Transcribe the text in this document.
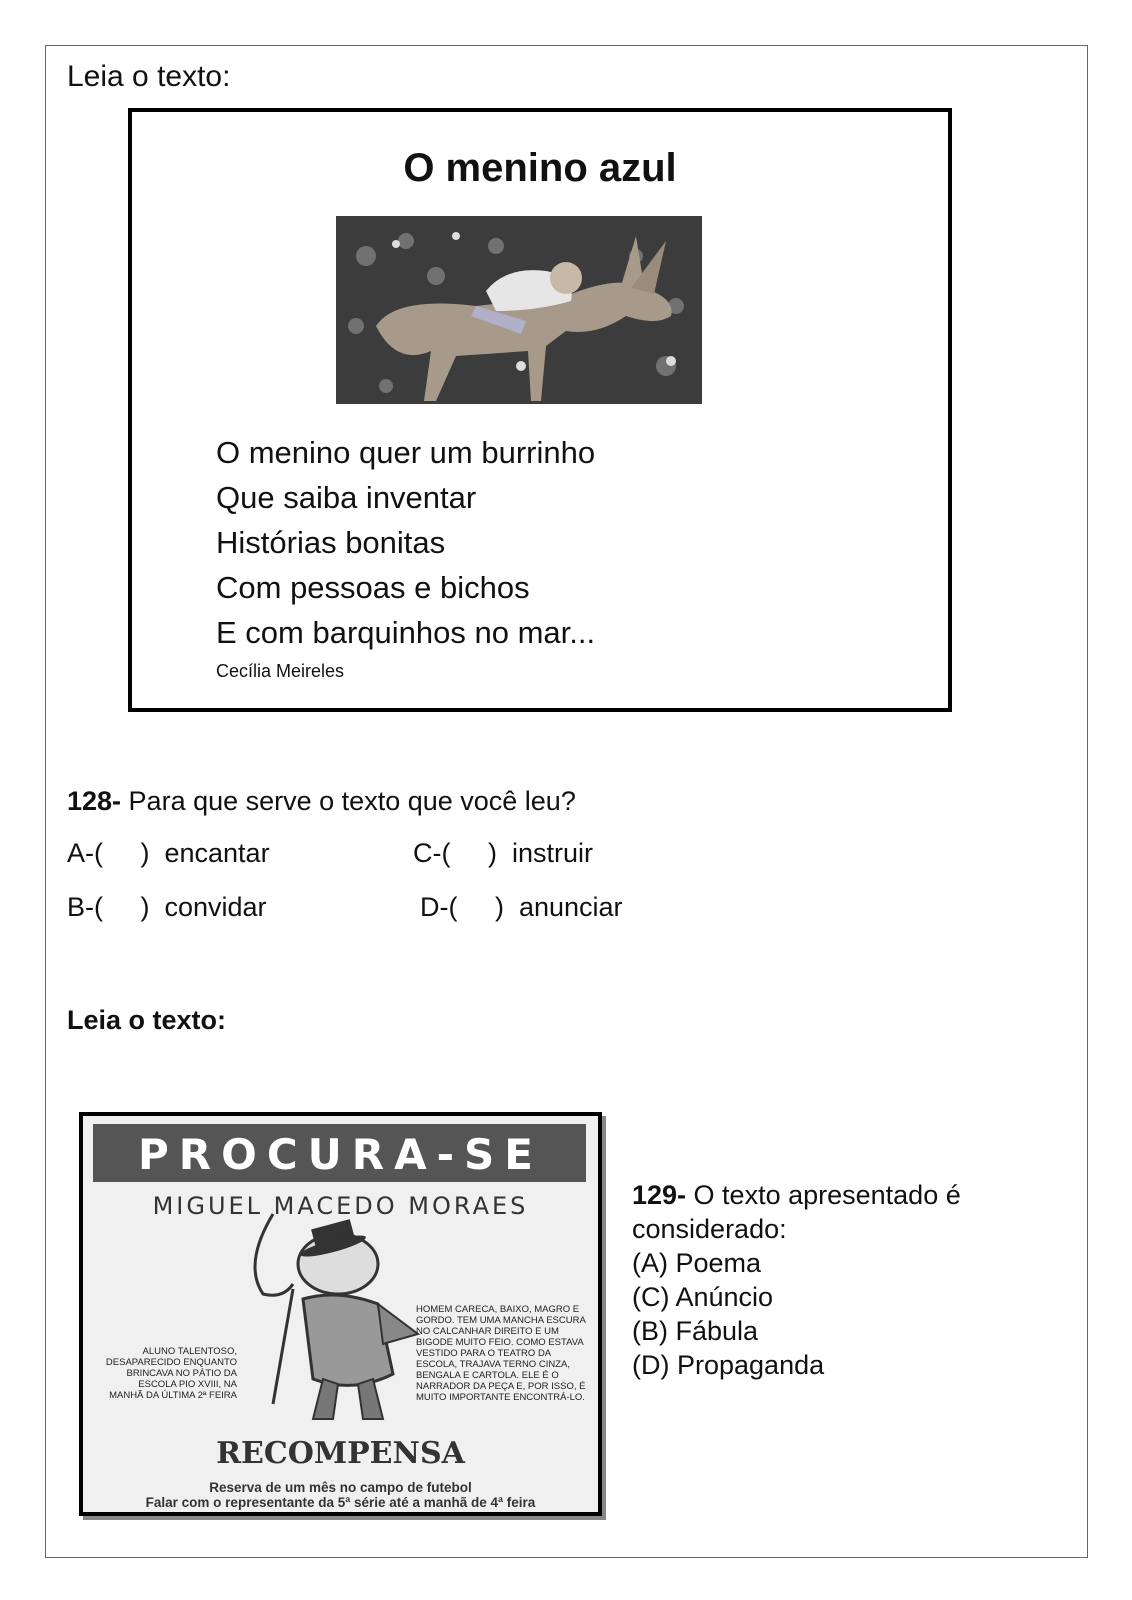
Leia o texto:
O menino azul
O menino quer um burrinho
Que saiba inventar
Histórias bonitas
Com pessoas e bichos
E com barquinhos no mar...
Cecília Meireles
128- Para que serve o texto que você leu?
A-(     )  encantar	C-(     )  instruir
B-(     )  convidar	D-(     )  anunciar
Leia o texto:
PROCURA-SE
MIGUEL MACEDO MORAES
ALUNO TALENTOSO, DESAPARECIDO ENQUANTO BRINCAVA NO PÁTIO DA ESCOLA PIO XVIII, NA MANHÃ DA ÚLTIMA 2ª FEIRA
HOMEM CARECA, BAIXO, MAGRO E GORDO. TEM UMA MANCHA ESCURA NO CALCANHAR DIREITO E UM BIGODE MUITO FEIO. COMO ESTAVA VESTIDO PARA O TEATRO DA ESCOLA, TRAJAVA TERNO CINZA, BENGALA E CARTOLA. ELE É O NARRADOR DA PEÇA E, POR ISSO, É MUITO IMPORTANTE ENCONTRÁ-LO.
RECOMPENSA
Reserva de um mês no campo de futebol
Falar com o representante da 5ª série até a manhã de 4ª feira
129- O texto apresentado é considerado:
(A) Poema
(C) Anúncio
(B) Fábula
(D) Propaganda
